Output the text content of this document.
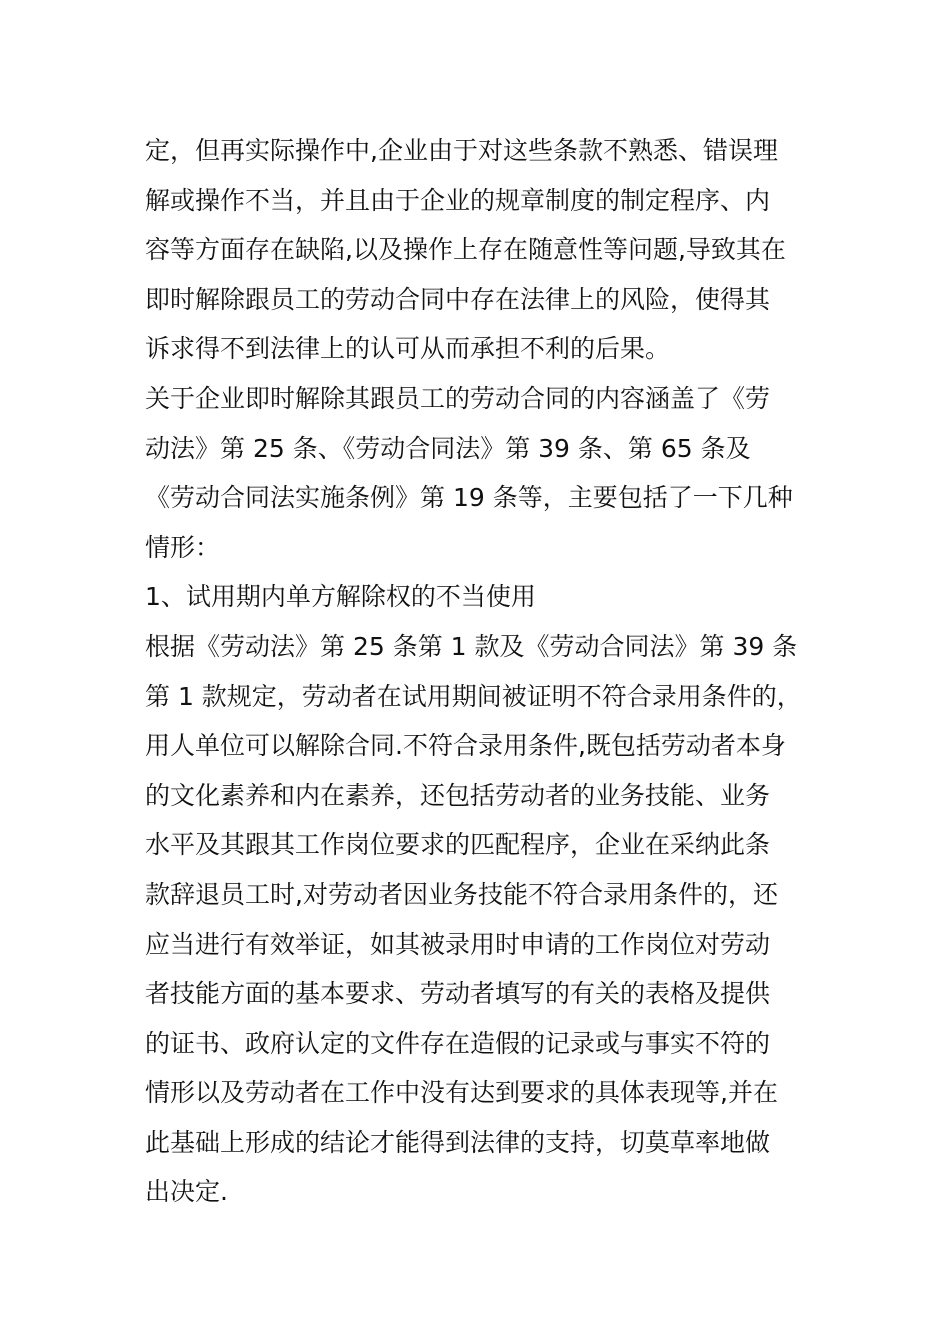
定，但再实际操作中,企业由于对这些条款不熟悉、错误理
解或操作不当，并且由于企业的规章制度的制定程序、内
容等方面存在缺陷,以及操作上存在随意性等问题,导致其在
即时解除跟员工的劳动合同中存在法律上的风险，使得其
诉求得不到法律上的认可从而承担不利的后果。
关于企业即时解除其跟员工的劳动合同的内容涵盖了《劳
动法》第 25 条、《劳动合同法》第 39 条、第 65 条及
《劳动合同法实施条例》第 19 条等，主要包括了一下几种
情形：
1、试用期内单方解除权的不当使用
根据《劳动法》第 25 条第 1 款及《劳动合同法》第 39 条
第 1 款规定，劳动者在试用期间被证明不符合录用条件的，
用人单位可以解除合同.不符合录用条件,既包括劳动者本身
的文化素养和内在素养，还包括劳动者的业务技能、业务
水平及其跟其工作岗位要求的匹配程序，企业在采纳此条
款辞退员工时,对劳动者因业务技能不符合录用条件的，还
应当进行有效举证，如其被录用时申请的工作岗位对劳动
者技能方面的基本要求、劳动者填写的有关的表格及提供
的证书、政府认定的文件存在造假的记录或与事实不符的
情形以及劳动者在工作中没有达到要求的具体表现等,并在
此基础上形成的结论才能得到法律的支持，切莫草率地做
出决定.
